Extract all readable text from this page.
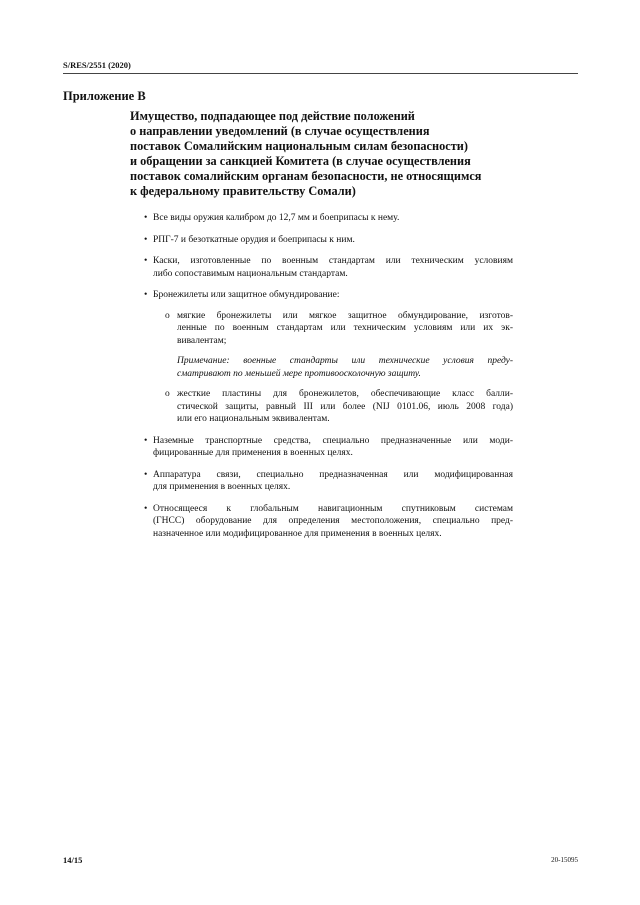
S/RES/2551 (2020)
Приложение B
Имущество, подпадающее под действие положений
о направлении уведомлений (в случае осуществления
поставок Сомалийским национальным силам безопасности)
и обращении за санкцией Комитета (в случае осуществления
поставок сомалийским органам безопасности, не относящимся
к федеральному правительству Сомали)
• Все виды оружия калибром до 12,7 мм и боеприпасы к нему.
• РПГ-7 и безоткатные орудия и боеприпасы к ним.
• Каски, изготовленные по военным стандартам или техническим условиям
либо сопоставимым национальным стандартам.
• Бронежилеты или защитное обмундирование:
o мягкие бронежилеты или мягкое защитное обмундирование, изготов-
ленные по военным стандартам или техническим условиям или их эк-
вивалентам;
Примечание: военные стандарты или технические условия преду-
сматривают по меньшей мере противоосколочную защиту.
o жесткие пластины для бронежилетов, обеспечивающие класс балли-
стической защиты, равный III или более (NIJ 0101.06, июль 2008 года)
или его национальным эквивалентам.
• Наземные транспортные средства, специально предназначенные или моди-
фицированные для применения в военных целях.
• Аппаратура связи, специально предназначенная или модифицированная
для применения в военных целях.
• Относящееся к глобальным навигационным спутниковым системам
(ГНСС) оборудование для определения местоположения, специально пред-
назначенное или модифицированное для применения в военных целях.
14/15	20-15095
